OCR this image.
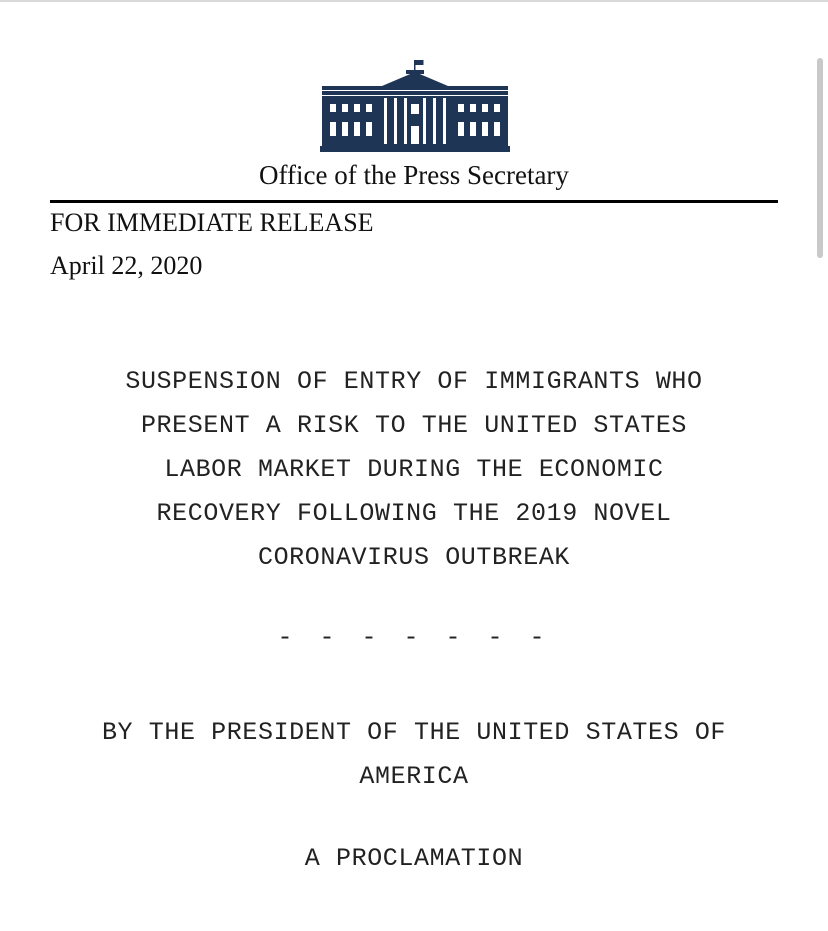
Office of the Press Secretary
FOR IMMEDIATE RELEASE
April 22, 2020
SUSPENSION OF ENTRY OF IMMIGRANTS WHO
PRESENT A RISK TO THE UNITED STATES
LABOR MARKET DURING THE ECONOMIC
RECOVERY FOLLOWING THE 2019 NOVEL
CORONAVIRUS OUTBREAK
- - - - - - -
BY THE PRESIDENT OF THE UNITED STATES OF
AMERICA
A PROCLAMATION
